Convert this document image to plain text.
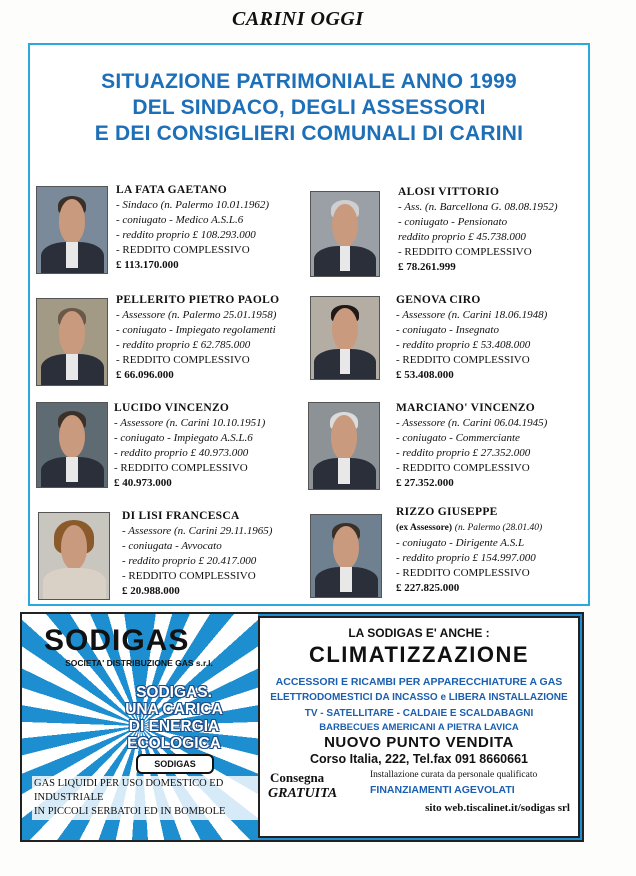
CARINI OGGI
SITUAZIONE PATRIMONIALE ANNO 1999
DEL SINDACO, DEGLI ASSESSORI
E DEI CONSIGLIERI COMUNALI DI CARINI
LA FATA GAETANO
- Sindaco (n. Palermo 10.01.1962)
- coniugato - Medico A.S.L.6
- reddito proprio £ 108.293.000
- REDDITO COMPLESSIVO
£ 113.170.000
ALOSI VITTORIO
- Ass. (n. Barcellona G. 08.08.1952)
- coniugato - Pensionato
reddito proprio £ 45.738.000
- REDDITO COMPLESSIVO
£ 78.261.999
PELLERITO PIETRO PAOLO
- Assessore (n. Palermo 25.01.1958)
- coniugato - Impiegato regolamenti
- reddito proprio £ 62.785.000
- REDDITO COMPLESSIVO
£ 66.096.000
GENOVA CIRO
- Assessore (n. Carini 18.06.1948)
- coniugato - Insegnato
- reddito proprio £ 53.408.000
- REDDITO COMPLESSIVO
£ 53.408.000
LUCIDO VINCENZO
- Assessore (n. Carini 10.10.1951)
- coniugato - Impiegato A.S.L.6
- reddito proprio £ 40.973.000
- REDDITO COMPLESSIVO
£ 40.973.000
MARCIANO' VINCENZO
- Assessore (n. Carini 06.04.1945)
- coniugato - Commerciante
- reddito proprio £ 27.352.000
- REDDITO COMPLESSIVO
£ 27.352.000
DI LISI FRANCESCA
- Assessore (n. Carini 29.11.1965)
- coniugata - Avvocato
- reddito proprio £ 20.417.000
- REDDITO COMPLESSIVO
£ 20.988.000
RIZZO GIUSEPPE
(ex Assessore) (n. Palermo (28.01.40)
- coniugato - Dirigente A.S.L
- reddito proprio £ 154.997.000
- REDDITO COMPLESSIVO
£ 227.825.000
SODIGAS
SOCIETA' DISTRIBUZIONE GAS s.r.l.
SODIGAS.
UNA CARICA
DI ENERGIA
ECOLOGICA
SODIGAS
GAS LIQUIDI PER USO DOMESTICO ED INDUSTRIALE
IN PICCOLI SERBATOI ED IN BOMBOLE
LA SODIGAS E' ANCHE :
CLIMATIZZAZIONE
ACCESSORI E RICAMBI PER APPARECCHIATURE A GAS
ELETTRODOMESTICI DA INCASSO e LIBERA INSTALLAZIONE
TV - SATELLITARE - CALDAIE E SCALDABAGNI
BARBECUES AMERICANI A PIETRA LAVICA
NUOVO PUNTO VENDITA
Corso Italia, 222, Tel.fax 091 8660661
Consegna
GRATUITA
Installazione curata da personale qualificato
FINANZIAMENTI AGEVOLATI
sito web.tiscalinet.it/sodigas srl
